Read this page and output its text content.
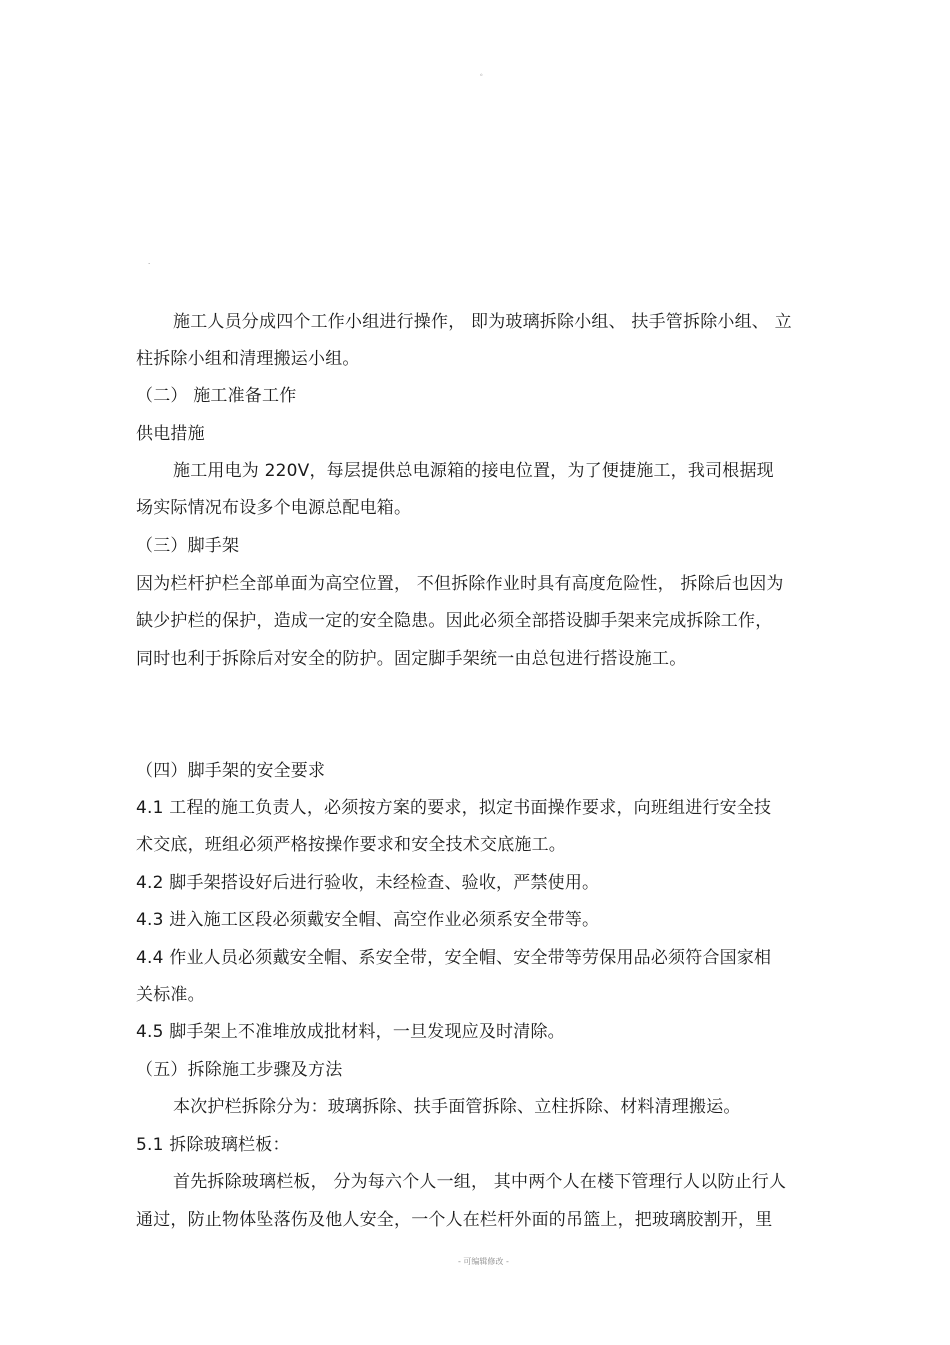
。
.
施工人员分成四个工作小组进行操作， 即为玻璃拆除小组、 扶手管拆除小组、 立
柱拆除小组和清理搬运小组。
（二） 施工准备工作
供电措施
施工用电为 220V，每层提供总电源箱的接电位置，为了便捷施工，我司根据现
场实际情况布设多个电源总配电箱。
（三）脚手架
因为栏杆护栏全部单面为高空位置， 不但拆除作业时具有高度危险性， 拆除后也因为
缺少护栏的保护，造成一定的安全隐患。因此必须全部搭设脚手架来完成拆除工作，
同时也利于拆除后对安全的防护。固定脚手架统一由总包进行搭设施工。
（四）脚手架的安全要求
4.1 工程的施工负责人，必须按方案的要求，拟定书面操作要求，向班组进行安全技
术交底，班组必须严格按操作要求和安全技术交底施工。
4.2 脚手架搭设好后进行验收，未经检查、验收，严禁使用。
4.3 进入施工区段必须戴安全帽、高空作业必须系安全带等。
4.4 作业人员必须戴安全帽、系安全带，安全帽、安全带等劳保用品必须符合国家相
关标准。
4.5 脚手架上不准堆放成批材料，一旦发现应及时清除。
（五）拆除施工步骤及方法
本次护栏拆除分为：玻璃拆除、扶手面管拆除、立柱拆除、材料清理搬运。
5.1 拆除玻璃栏板：
首先拆除玻璃栏板， 分为每六个人一组， 其中两个人在楼下管理行人以防止行人
通过，防止物体坠落伤及他人安全，一个人在栏杆外面的吊篮上，把玻璃胶割开，里
- 可编辑修改 -
